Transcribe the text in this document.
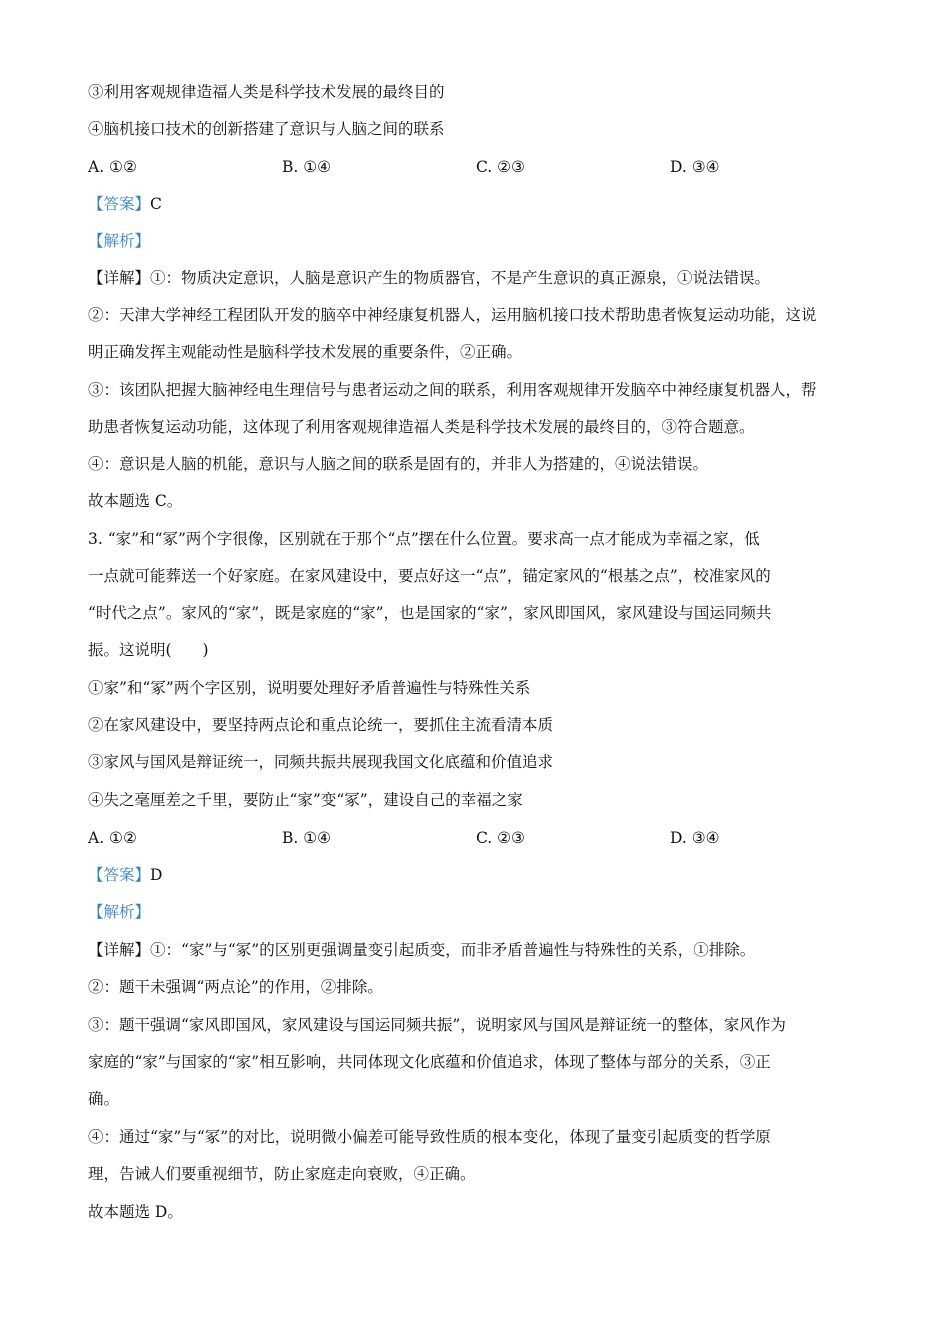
③利用客观规律造福人类是科学技术发展的最终目的
④脑机接口技术的创新搭建了意识与人脑之间的联系
A. ①②	B. ①④	C. ②③	D. ③④
【答案】C
【解析】
【详解】①：物质决定意识，人脑是意识产生的物质器官，不是产生意识的真正源泉，①说法错误。
②：天津大学神经工程团队开发的脑卒中神经康复机器人，运用脑机接口技术帮助患者恢复运动功能，这说
明正确发挥主观能动性是脑科学技术发展的重要条件，②正确。
③：该团队把握大脑神经电生理信号与患者运动之间的联系，利用客观规律开发脑卒中神经康复机器人，帮
助患者恢复运动功能，这体现了利用客观规律造福人类是科学技术发展的最终目的，③符合题意。
④：意识是人脑的机能，意识与人脑之间的联系是固有的，并非人为搭建的，④说法错误。
故本题选 C。
3. “家”和“冢”两个字很像，区别就在于那个“点”摆在什么位置。要求高一点才能成为幸福之家，低
一点就可能葬送一个好家庭。在家风建设中，要点好这一“点”，锚定家风的“根基之点”，校准家风的
“时代之点”。家风的“家”，既是家庭的“家”，也是国家的“家”，家风即国风，家风建设与国运同频共
振。这说明(　　)
①家”和“冢”两个字区别，说明要处理好矛盾普遍性与特殊性关系
②在家风建设中，要坚持两点论和重点论统一，要抓住主流看清本质
③家风与国风是辩证统一，同频共振共展现我国文化底蕴和价值追求
④失之毫厘差之千里，要防止“家”变“冢”，建设自己的幸福之家
A. ①②	B. ①④	C. ②③	D. ③④
【答案】D
【解析】
【详解】①：“家”与“冢”的区别更强调量变引起质变，而非矛盾普遍性与特殊性的关系，①排除。
②：题干未强调“两点论”的作用，②排除。
③：题干强调“家风即国风，家风建设与国运同频共振”，说明家风与国风是辩证统一的整体，家风作为
家庭的“家”与国家的“家”相互影响，共同体现文化底蕴和价值追求，体现了整体与部分的关系，③正
确。
④：通过“家”与“冢”的对比，说明微小偏差可能导致性质的根本变化，体现了量变引起质变的哲学原
理，告诫人们要重视细节，防止家庭走向衰败，④正确。
故本题选 D。
